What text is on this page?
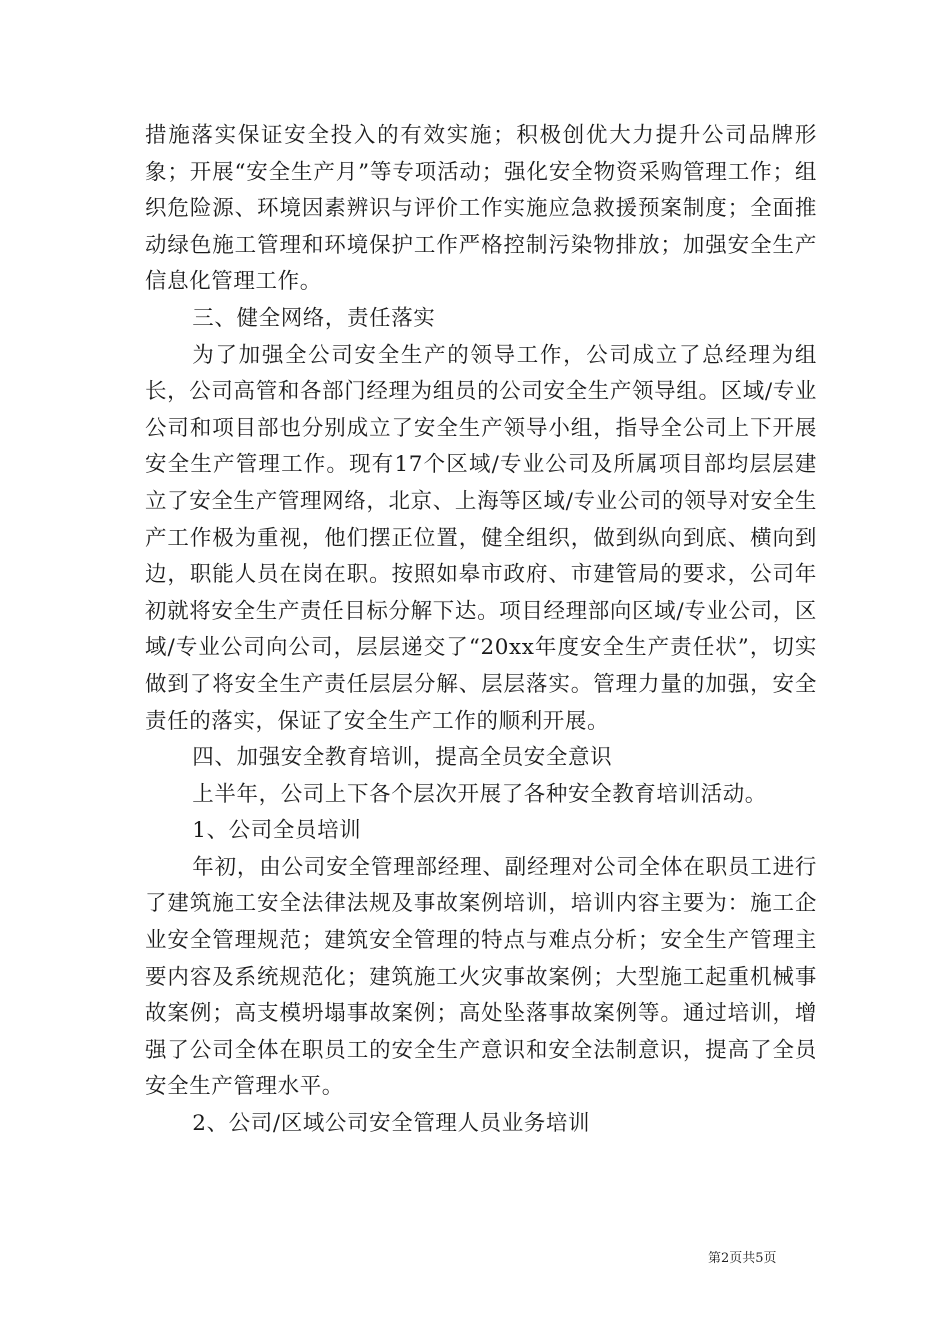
措施落实保证安全投入的有效实施；积极创优大力提升公司品牌形象；开展“安全生产月”等专项活动；强化安全物资采购管理工作；组织危险源、环境因素辨识与评价工作实施应急救援预案制度；全面推动绿色施工管理和环境保护工作严格控制污染物排放；加强安全生产信息化管理工作。

三、健全网络，责任落实

为了加强全公司安全生产的领导工作，公司成立了总经理为组长，公司高管和各部门经理为组员的公司安全生产领导组。区域/专业公司和项目部也分别成立了安全生产领导小组，指导全公司上下开展安全生产管理工作。现有17个区域/专业公司及所属项目部均层层建立了安全生产管理网络，北京、上海等区域/专业公司的领导对安全生产工作极为重视，他们摆正位置，健全组织，做到纵向到底、横向到边，职能人员在岗在职。按照如皋市政府、市建管局的要求，公司年初就将安全生产责任目标分解下达。项目经理部向区域/专业公司，区域/专业公司向公司，层层递交了“20xx年度安全生产责任状”，切实做到了将安全生产责任层层分解、层层落实。管理力量的加强，安全责任的落实，保证了安全生产工作的顺利开展。

四、加强安全教育培训，提高全员安全意识

上半年，公司上下各个层次开展了各种安全教育培训活动。

1、公司全员培训

年初，由公司安全管理部经理、副经理对公司全体在职员工进行了建筑施工安全法律法规及事故案例培训，培训内容主要为：施工企业安全管理规范；建筑安全管理的特点与难点分析；安全生产管理主要内容及系统规范化；建筑施工火灾事故案例；大型施工起重机械事故案例；高支模坍塌事故案例；高处坠落事故案例等。通过培训，增强了公司全体在职员工的安全生产意识和安全法制意识，提高了全员安全生产管理水平。

2、公司/区域公司安全管理人员业务培训

第2页共5页
